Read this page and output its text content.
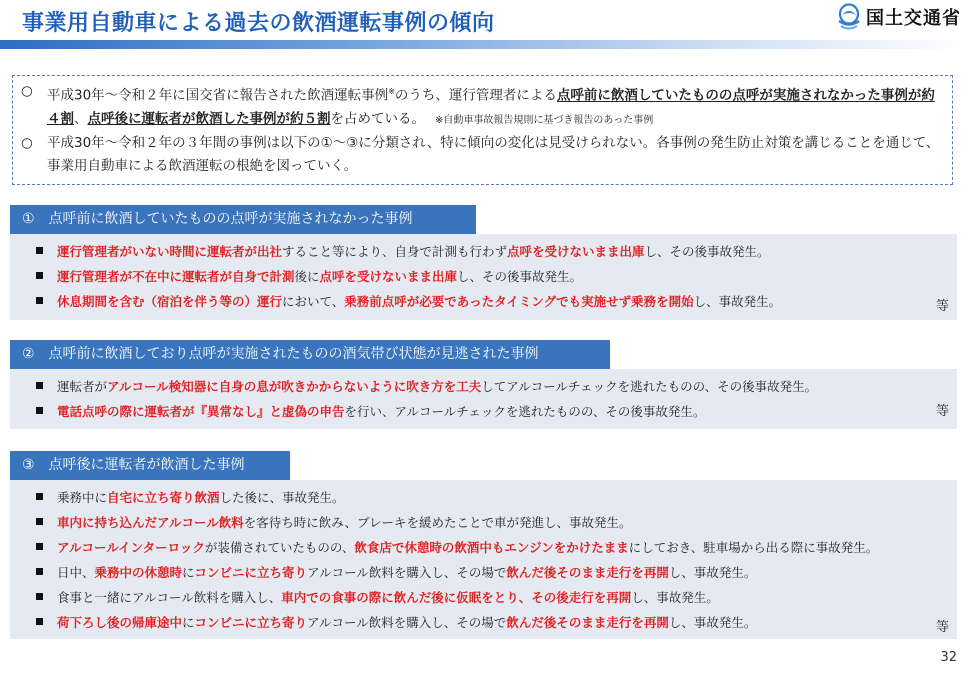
事業用自動車による過去の飲酒運転事例の傾向	国土交通省
○	平成30年～令和２年に国交省に報告された飲酒運転事例※のうち、運行管理者による点呼前に飲酒していたものの点呼が実施されなかった事例が約４割、点呼後に運転者が飲酒した事例が約５割を占めている。 ※自動車事故報告規則に基づき報告のあった事例
○	平成30年～令和２年の３年間の事例は以下の①～③に分類され、特に傾向の変化は見受けられない。各事例の発生防止対策を講じることを通じて、事業用自動車による飲酒運転の根絶を図っていく。
①　点呼前に飲酒していたものの点呼が実施されなかった事例
運行管理者がいない時間に運転者が出社 すること等により、自身で計測も行わず 点呼を受けないまま出庫 し、その後事故発生。
運行管理者が不在中に運転者が自身で計測 後に 点呼を受けないまま出庫 し、その後事故発生。
休息期間を含む（宿泊を伴う等の）運行 において、 乗務前点呼が必要であったタイミングでも実施せず乗務を開始 し、事故発生。	等
②　点呼前に飲酒しており点呼が実施されたものの酒気帯び状態が見逃された事例
運転者が アルコール検知器に自身の息が吹きかからないように吹き方を工夫 してアルコールチェックを逃れたものの、その後事故発生。
電話点呼の際に運転者が『異常なし』と虚偽の申告 を行い、アルコールチェックを逃れたものの、その後事故発生。	等
③　点呼後に運転者が飲酒した事例
乗務中に 自宅に立ち寄り飲酒 した後に、事故発生。
車内に持ち込んだアルコール飲料 を客待ち時に飲み、ブレーキを緩めたことで車が発進し、事故発生。
アルコールインターロック が装備されていたものの、 飲食店で休憩時の飲酒中もエンジンをかけたまま にしておき、駐車場から出る際に事故発生。
日中、 乗務中の休憩時 に コンビニに立ち寄り アルコール飲料を購入し、その場で 飲んだ後そのまま走行を再開 し、事故発生。
食事と一緒にアルコール飲料を購入し、 車内での食事の際に飲んだ後に仮眠をとり、その後走行を再開 し、事故発生。
荷下ろし後の帰庫途中 に コンビニに立ち寄り アルコール飲料を購入し、その場で 飲んだ後そのまま走行を再開 し、事故発生。	等
32
